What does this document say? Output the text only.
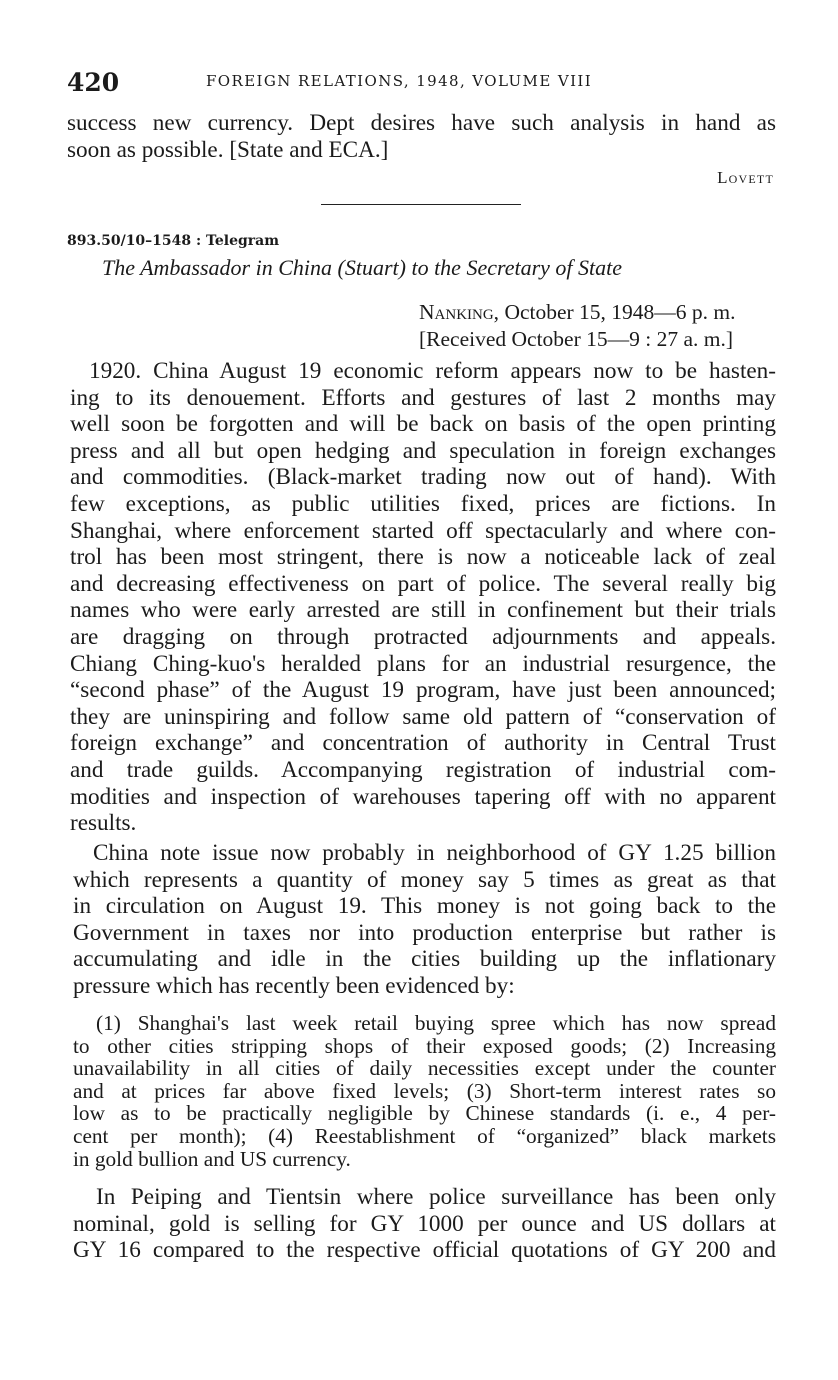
420	FOREIGN RELATIONS, 1948, VOLUME VIII
success new currency. Dept desires have such analysis in hand as
soon as possible. [State and ECA.]
Lovett
893.50/10–1548 : Telegram
The Ambassador in China (Stuart) to the Secretary of State
Nanking, October 15, 1948—6 p. m.
[Received October 15—9 : 27 a. m.]
1920. China August 19 economic reform appears now to be hasten-
ing to its denouement. Efforts and gestures of last 2 months may
well soon be forgotten and will be back on basis of the open printing
press and all but open hedging and speculation in foreign exchanges
and commodities. (Black-market trading now out of hand). With
few exceptions, as public utilities fixed, prices are fictions. In
Shanghai, where enforcement started off spectacularly and where con-
trol has been most stringent, there is now a noticeable lack of zeal
and decreasing effectiveness on part of police. The several really big
names who were early arrested are still in confinement but their trials
are dragging on through protracted adjournments and appeals.
Chiang Ching-kuo's heralded plans for an industrial resurgence, the
“second phase” of the August 19 program, have just been announced;
they are uninspiring and follow same old pattern of “conservation of
foreign exchange” and concentration of authority in Central Trust
and trade guilds. Accompanying registration of industrial com-
modities and inspection of warehouses tapering off with no apparent
results.
China note issue now probably in neighborhood of GY 1.25 billion
which represents a quantity of money say 5 times as great as that
in circulation on August 19. This money is not going back to the
Government in taxes nor into production enterprise but rather is
accumulating and idle in the cities building up the inflationary
pressure which has recently been evidenced by:
(1) Shanghai's last week retail buying spree which has now spread
to other cities stripping shops of their exposed goods; (2) Increasing
unavailability in all cities of daily necessities except under the counter
and at prices far above fixed levels; (3) Short-term interest rates so
low as to be practically negligible by Chinese standards (i. e., 4 per-
cent per month); (4) Reestablishment of “organized” black markets
in gold bullion and US currency.
In Peiping and Tientsin where police surveillance has been only
nominal, gold is selling for GY 1000 per ounce and US dollars at
GY 16 compared to the respective official quotations of GY 200 and
